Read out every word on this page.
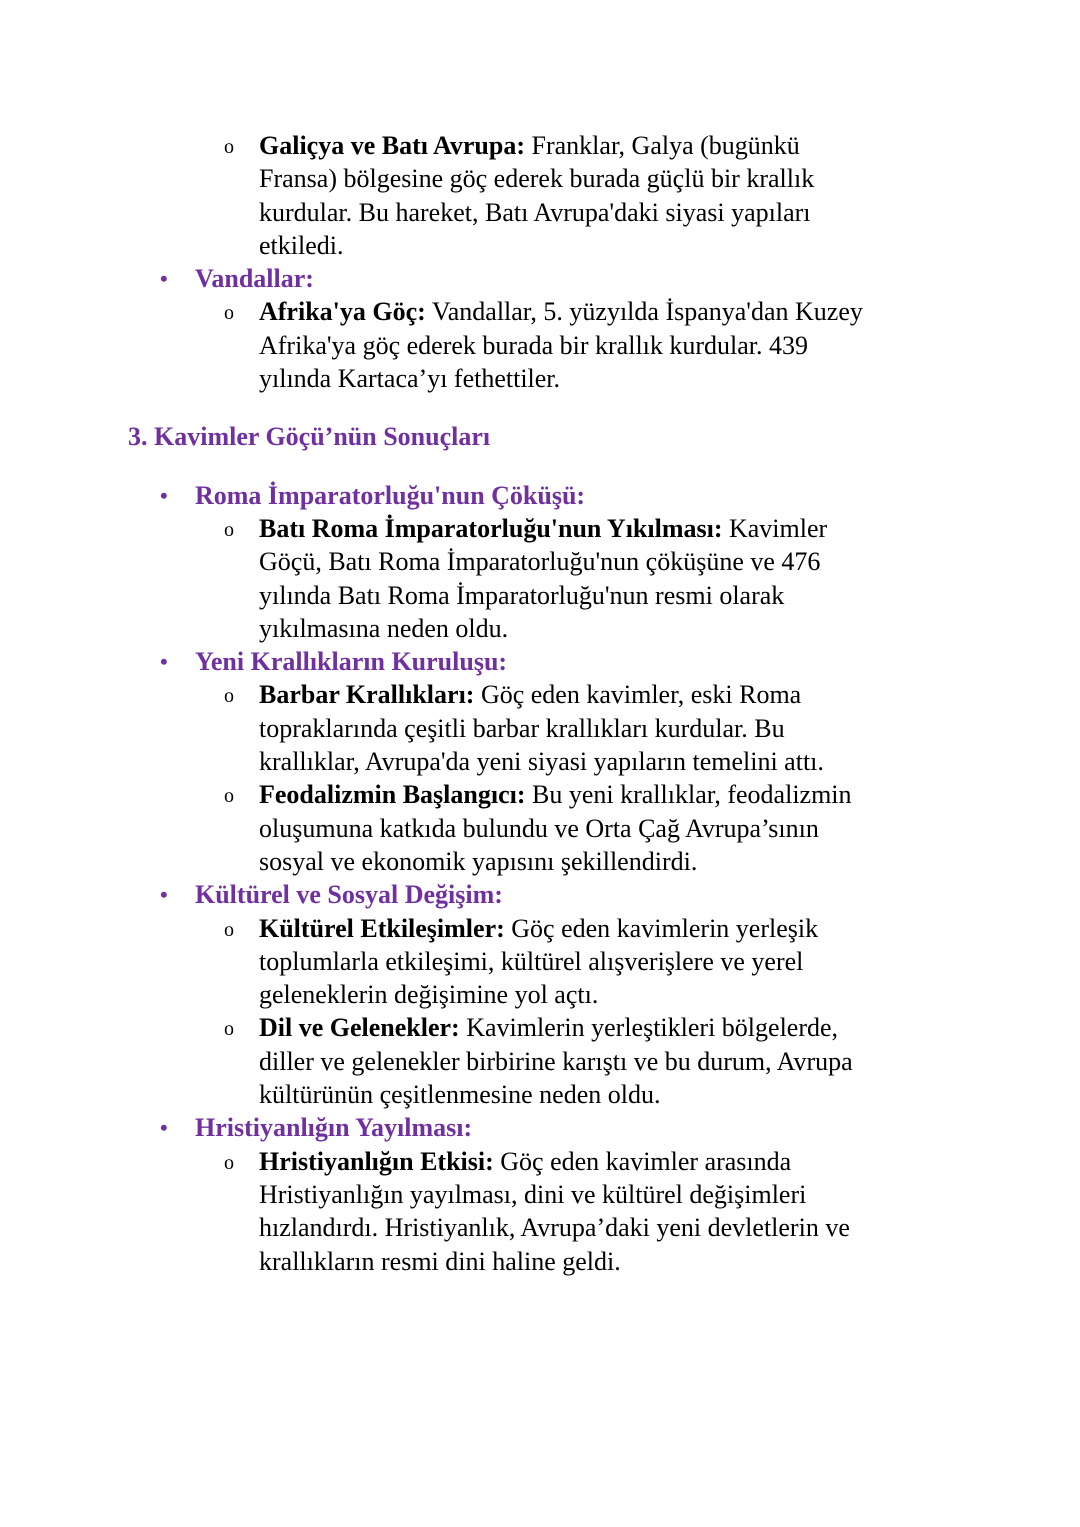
o Galiçya ve Batı Avrupa: Franklar, Galya (bugünkü
Fransa) bölgesine göç ederek burada güçlü bir krallık
kurdular. Bu hareket, Batı Avrupa'daki siyasi yapıları
etkiledi.
• Vandallar:
o Afrika'ya Göç: Vandallar, 5. yüzyılda İspanya'dan Kuzey
Afrika'ya göç ederek burada bir krallık kurdular. 439
yılında Kartaca’yı fethettiler.
3. Kavimler Göçü’nün Sonuçları
• Roma İmparatorluğu'nun Çöküşü:
o Batı Roma İmparatorluğu'nun Yıkılması: Kavimler
Göçü, Batı Roma İmparatorluğu'nun çöküşüne ve 476
yılında Batı Roma İmparatorluğu'nun resmi olarak
yıkılmasına neden oldu.
• Yeni Krallıkların Kuruluşu:
o Barbar Krallıkları: Göç eden kavimler, eski Roma
topraklarında çeşitli barbar krallıkları kurdular. Bu
krallıklar, Avrupa'da yeni siyasi yapıların temelini attı.
o Feodalizmin Başlangıcı: Bu yeni krallıklar, feodalizmin
oluşumuna katkıda bulundu ve Orta Çağ Avrupa’sının
sosyal ve ekonomik yapısını şekillendirdi.
• Kültürel ve Sosyal Değişim:
o Kültürel Etkileşimler: Göç eden kavimlerin yerleşik
toplumlarla etkileşimi, kültürel alışverişlere ve yerel
geleneklerin değişimine yol açtı.
o Dil ve Gelenekler: Kavimlerin yerleştikleri bölgelerde,
diller ve gelenekler birbirine karıştı ve bu durum, Avrupa
kültürünün çeşitlenmesine neden oldu.
• Hristiyanlığın Yayılması:
o Hristiyanlığın Etkisi: Göç eden kavimler arasında
Hristiyanlığın yayılması, dini ve kültürel değişimleri
hızlandırdı. Hristiyanlık, Avrupa’daki yeni devletlerin ve
krallıkların resmi dini haline geldi.
